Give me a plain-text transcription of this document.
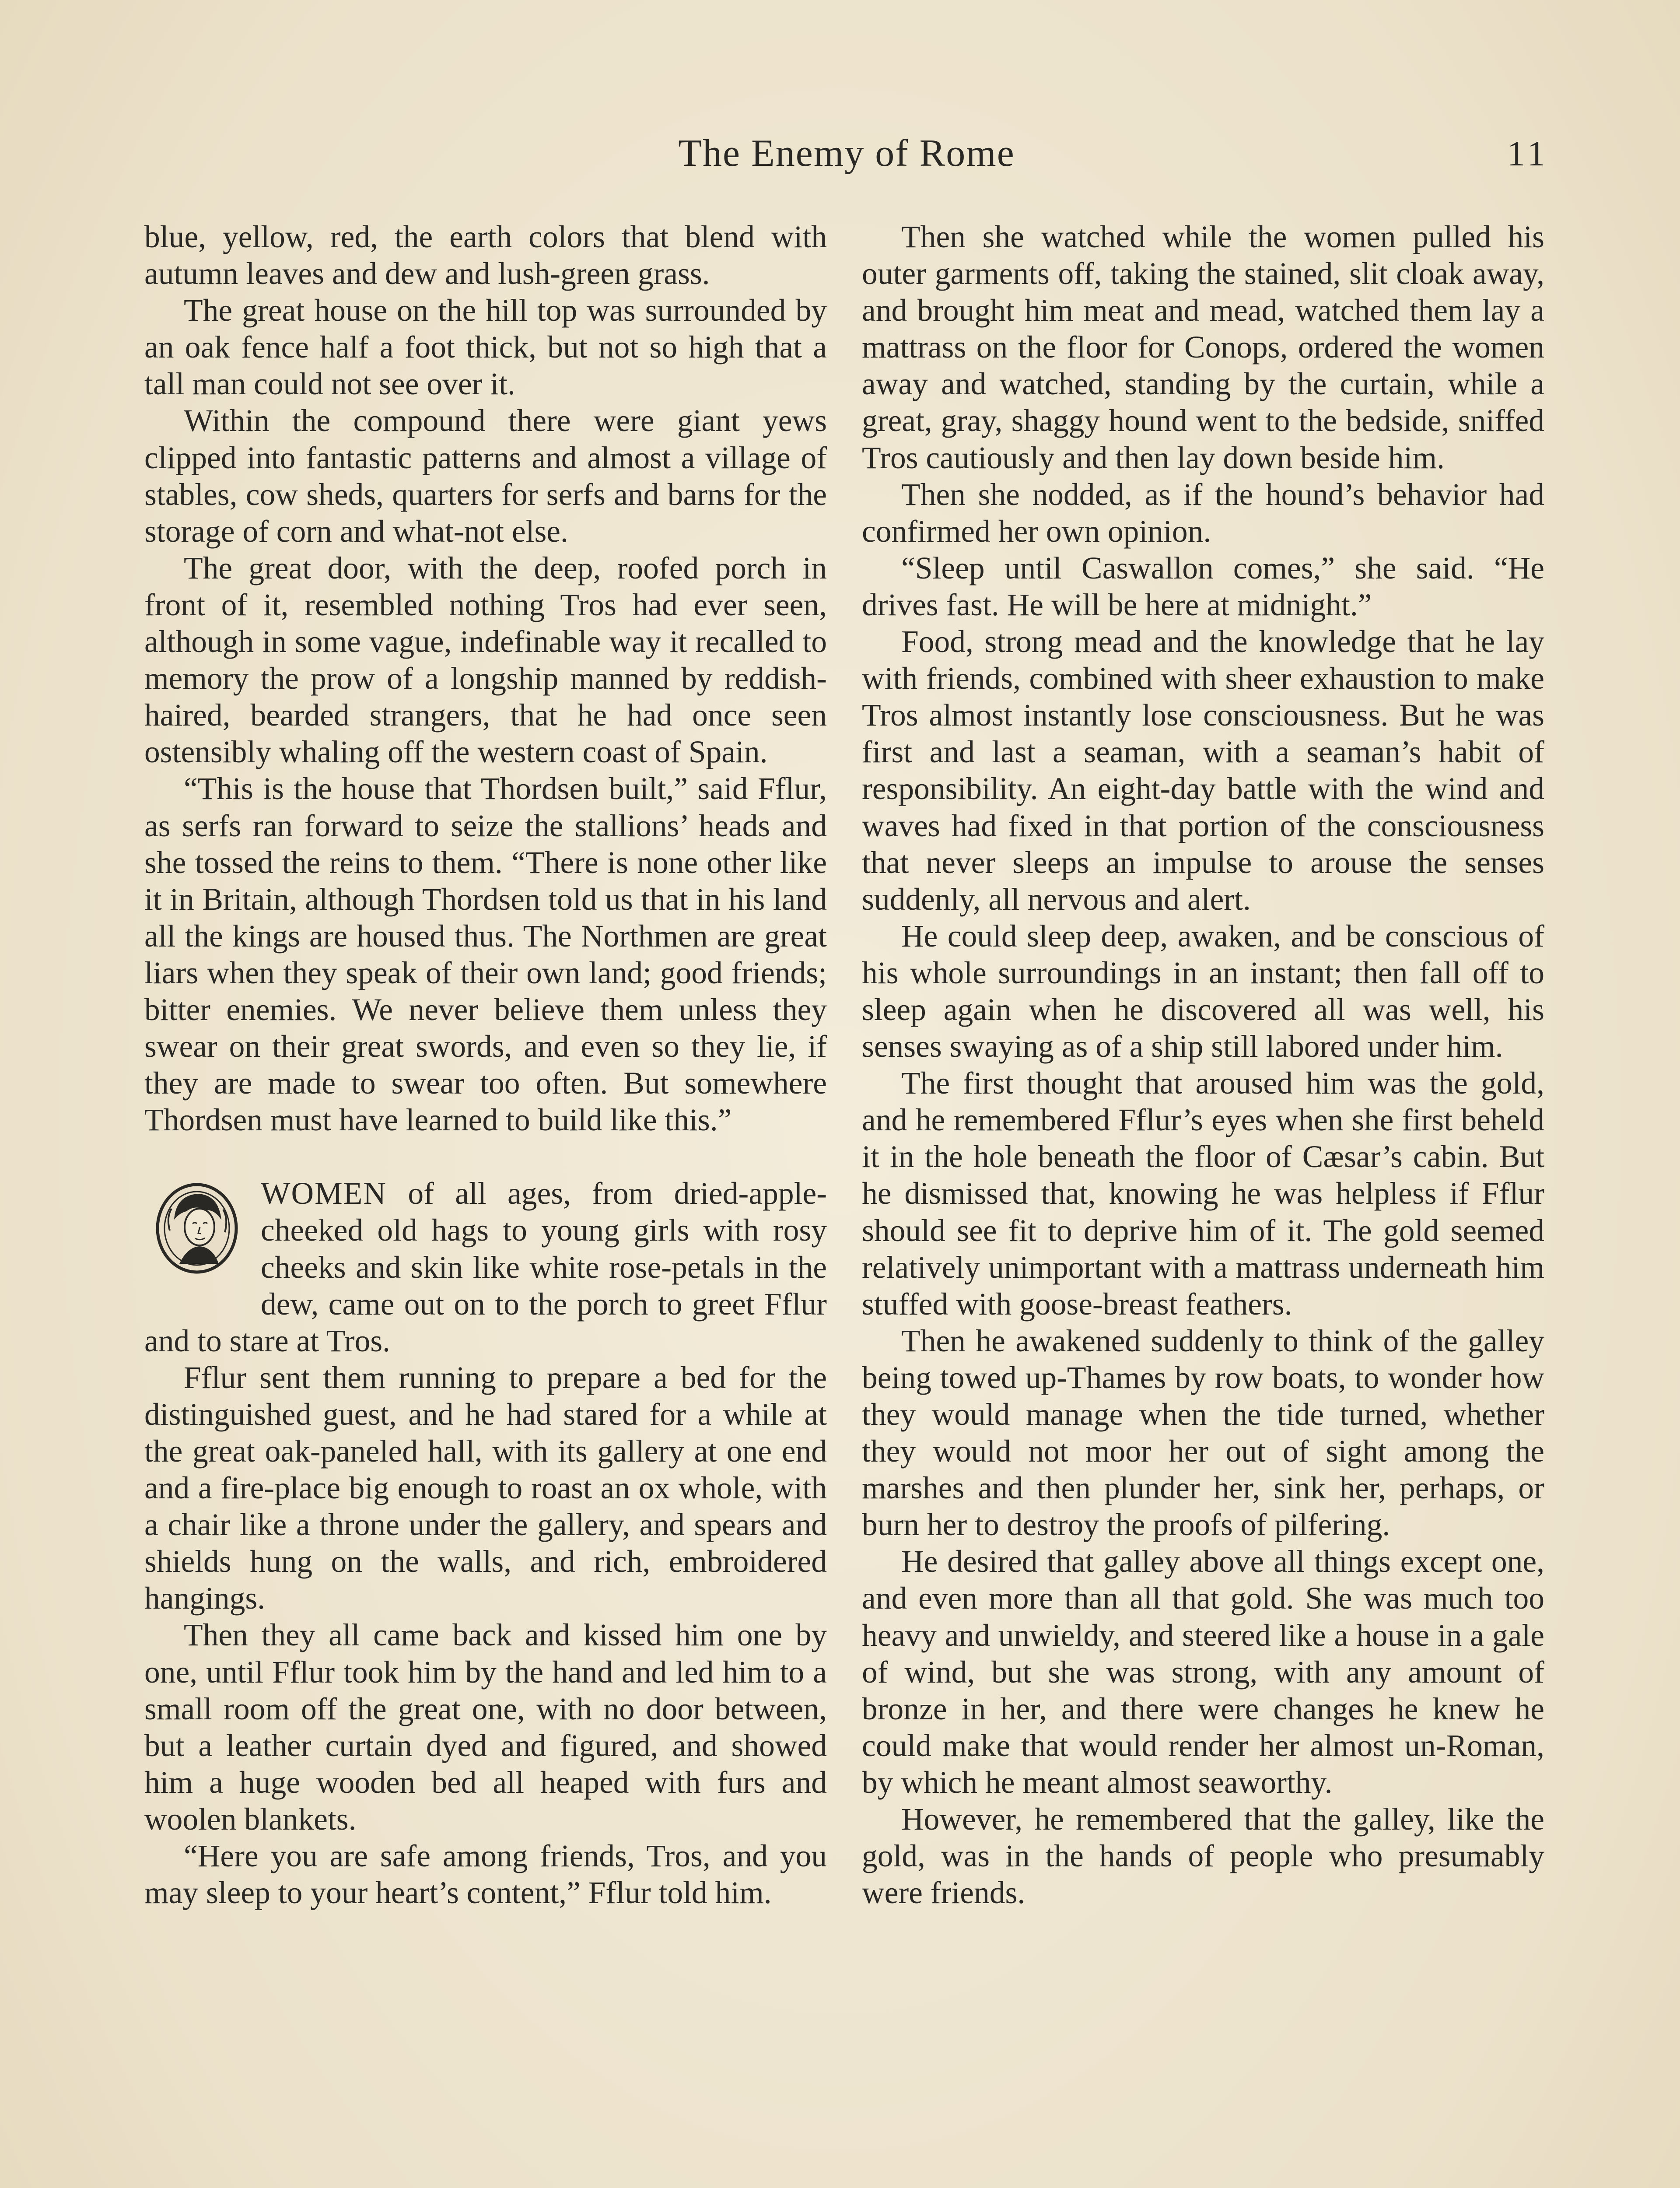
The Enemy of Rome	11

blue, yellow, red, the earth colors that blend with autumn leaves and dew and lush-green grass.

The great house on the hill top was surrounded by an oak fence half a foot thick, but not so high that a tall man could not see over it.

Within the compound there were giant yews clipped into fantastic patterns and almost a village of stables, cow sheds, quarters for serfs and barns for the storage of corn and what-not else.

The great door, with the deep, roofed porch in front of it, resembled nothing Tros had ever seen, although in some vague, indefinable way it recalled to memory the prow of a longship manned by reddish-haired, bearded strangers, that he had once seen ostensibly whaling off the western coast of Spain.

“This is the house that Thordsen built,” said Fflur, as serfs ran forward to seize the stallions’ heads and she tossed the reins to them. “There is none other like it in Britain, although Thordsen told us that in his land all the kings are housed thus. The Northmen are great liars when they speak of their own land; good friends; bitter enemies. We never believe them unless they swear on their great swords, and even so they lie, if they are made to swear too often. But somewhere Thordsen must have learned to build like this.”

WOMEN of all ages, from dried-apple-cheeked old hags to young girls with rosy cheeks and skin like white rose-petals in the dew, came out on to the porch to greet Fflur and to stare at Tros.

Fflur sent them running to prepare a bed for the distinguished guest, and he had stared for a while at the great oak-paneled hall, with its gallery at one end and a fire-place big enough to roast an ox whole, with a chair like a throne under the gallery, and spears and shields hung on the walls, and rich, embroidered hangings.

Then they all came back and kissed him one by one, until Fflur took him by the hand and led him to a small room off the great one, with no door between, but a leather curtain dyed and figured, and showed him a huge wooden bed all heaped with furs and woolen blankets.

“Here you are safe among friends, Tros, and you may sleep to your heart’s content,” Fflur told him.

Then she watched while the women pulled his outer garments off, taking the stained, slit cloak away, and brought him meat and mead, watched them lay a mattrass on the floor for Conops, ordered the women away and watched, standing by the curtain, while a great, gray, shaggy hound went to the bedside, sniffed Tros cautiously and then lay down beside him.

Then she nodded, as if the hound’s behavior had confirmed her own opinion.

“Sleep until Caswallon comes,” she said. “He drives fast. He will be here at midnight.”

Food, strong mead and the knowledge that he lay with friends, combined with sheer exhaustion to make Tros almost instantly lose consciousness. But he was first and last a seaman, with a seaman’s habit of responsibility. An eight-day battle with the wind and waves had fixed in that portion of the consciousness that never sleeps an impulse to arouse the senses suddenly, all nervous and alert.

He could sleep deep, awaken, and be conscious of his whole surroundings in an instant; then fall off to sleep again when he discovered all was well, his senses swaying as of a ship still labored under him.

The first thought that aroused him was the gold, and he remembered Fflur’s eyes when she first beheld it in the hole beneath the floor of Cæsar’s cabin. But he dismissed that, knowing he was helpless if Fflur should see fit to deprive him of it. The gold seemed relatively unimportant with a mattrass underneath him stuffed with goose-breast feathers.

Then he awakened suddenly to think of the galley being towed up-Thames by row boats, to wonder how they would manage when the tide turned, whether they would not moor her out of sight among the marshes and then plunder her, sink her, perhaps, or burn her to destroy the proofs of pilfering.

He desired that galley above all things except one, and even more than all that gold. She was much too heavy and unwieldy, and steered like a house in a gale of wind, but she was strong, with any amount of bronze in her, and there were changes he knew he could make that would render her almost un-Roman, by which he meant almost seaworthy.

However, he remembered that the galley, like the gold, was in the hands of people who presumably were friends.
